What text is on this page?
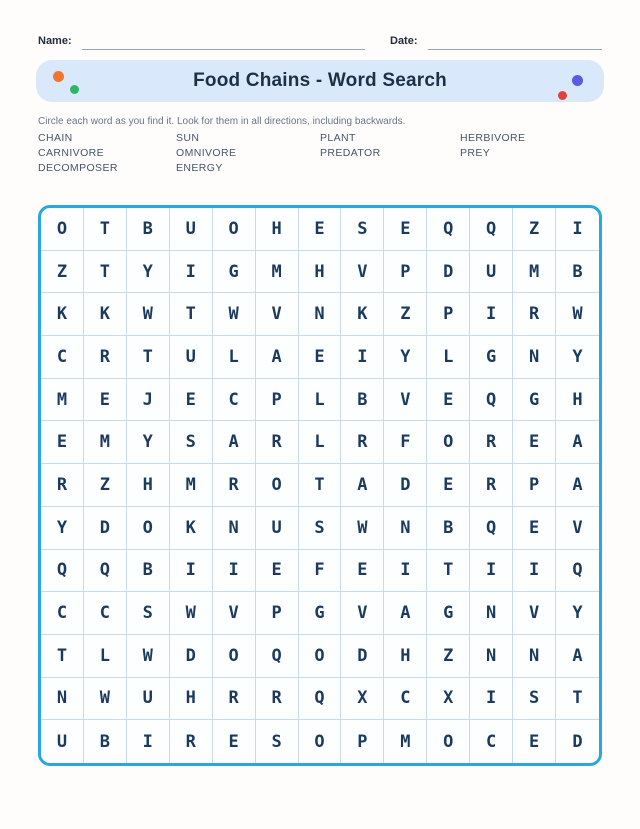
Name:	Date:
Food Chains - Word Search
Circle each word as you find it. Look for them in all directions, including backwards.
CHAIN
CARNIVORE
DECOMPOSER
SUN
OMNIVORE
ENERGY
PLANT
PREDATOR
HERBIVORE
PREY
O	T	B	U	O	H	E	S	E	Q	Q	Z	I
Z	T	Y	I	G	M	H	V	P	D	U	M	B
K	K	W	T	W	V	N	K	Z	P	I	R	W
C	R	T	U	L	A	E	I	Y	L	G	N	Y
M	E	J	E	C	P	L	B	V	E	Q	G	H
E	M	Y	S	A	R	L	R	F	O	R	E	A
R	Z	H	M	R	O	T	A	D	E	R	P	A
Y	D	O	K	N	U	S	W	N	B	Q	E	V
Q	Q	B	I	I	E	F	E	I	T	I	I	Q
C	C	S	W	V	P	G	V	A	G	N	V	Y
T	L	W	D	O	Q	O	D	H	Z	N	N	A
N	W	U	H	R	R	Q	X	C	X	I	S	T
U	B	I	R	E	S	O	P	M	O	C	E	D
